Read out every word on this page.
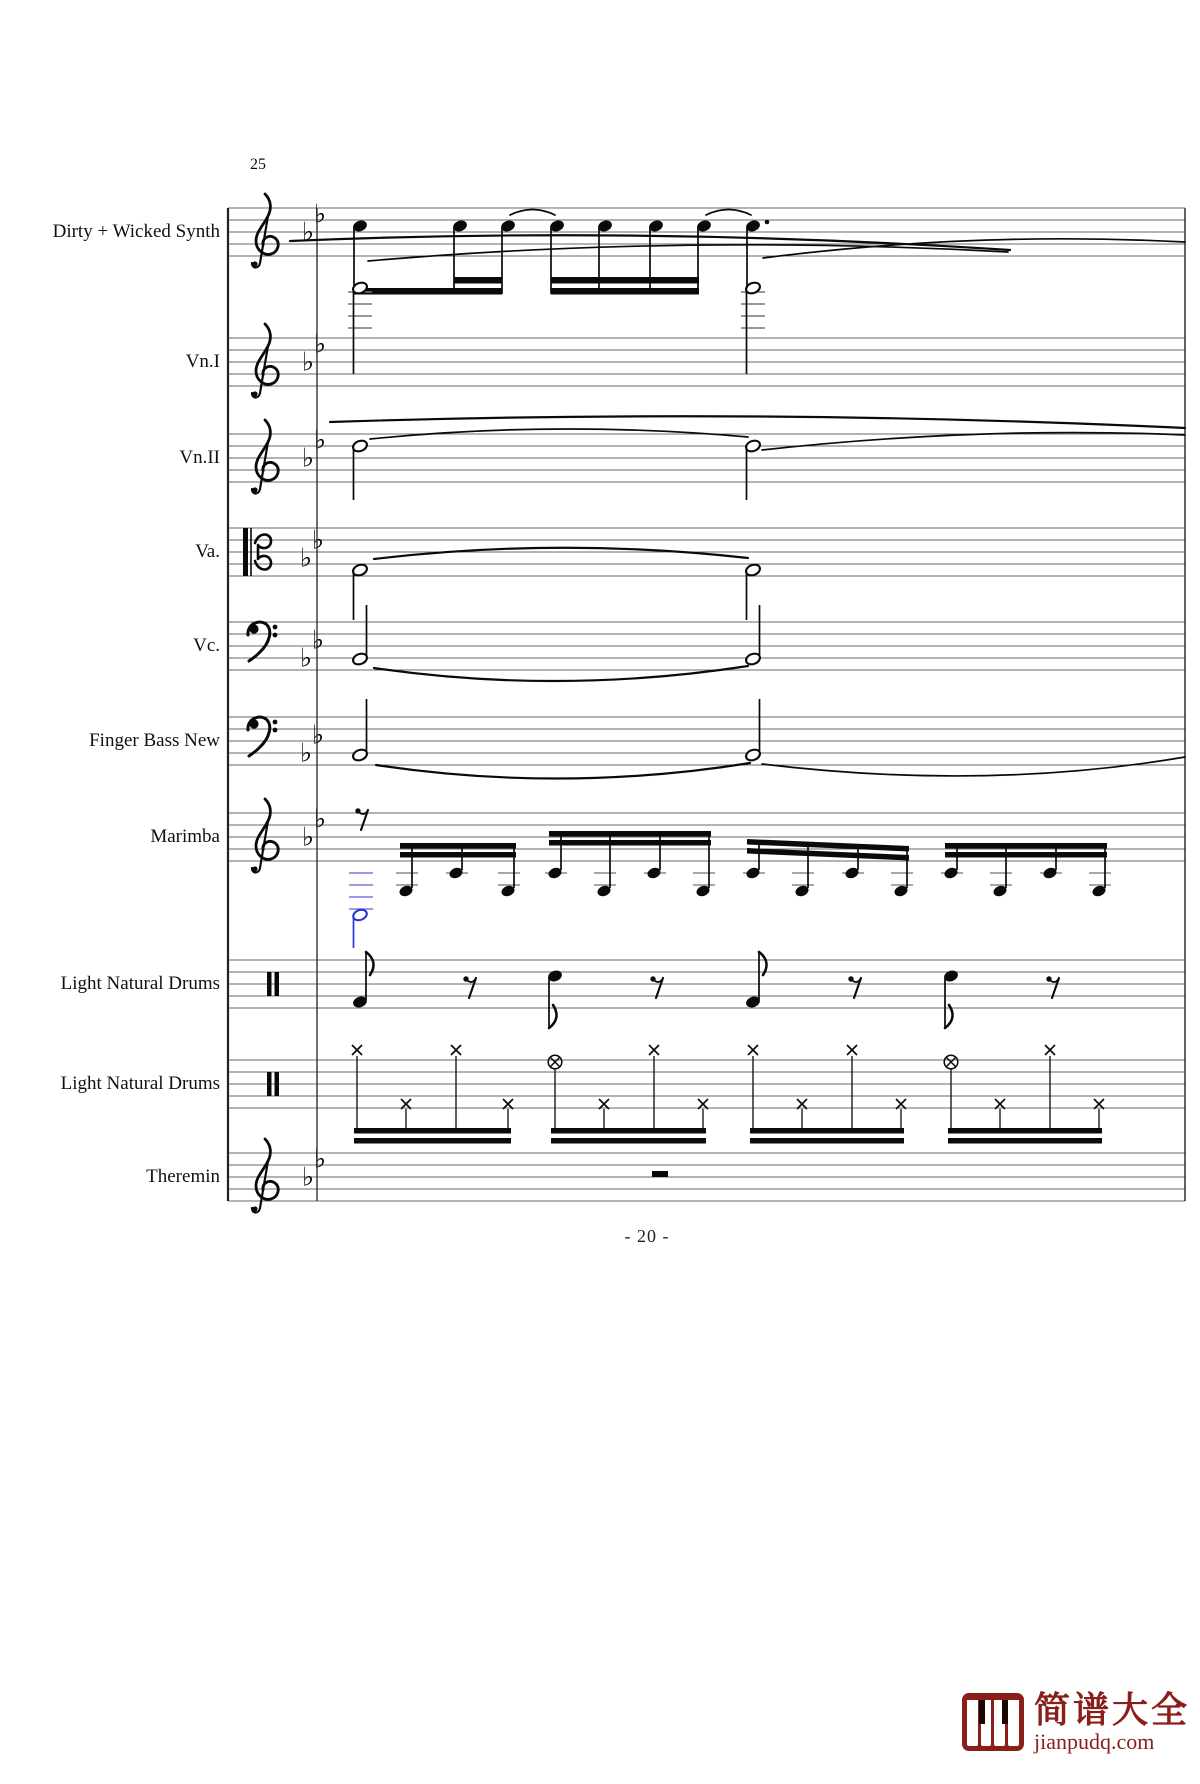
25
♭
♭
♭
♭
♭
♭
♭
♭
♭
♭
♭
♭
♭
♭
♭
♭
Dirty + Wicked Synth
Vn.I
Vn.II
Va.
Vc.
Finger Bass New
Marimba
Light Natural Drums
Light Natural Drums
Theremin
- 20 -
简谱大全
jianpudq.com
